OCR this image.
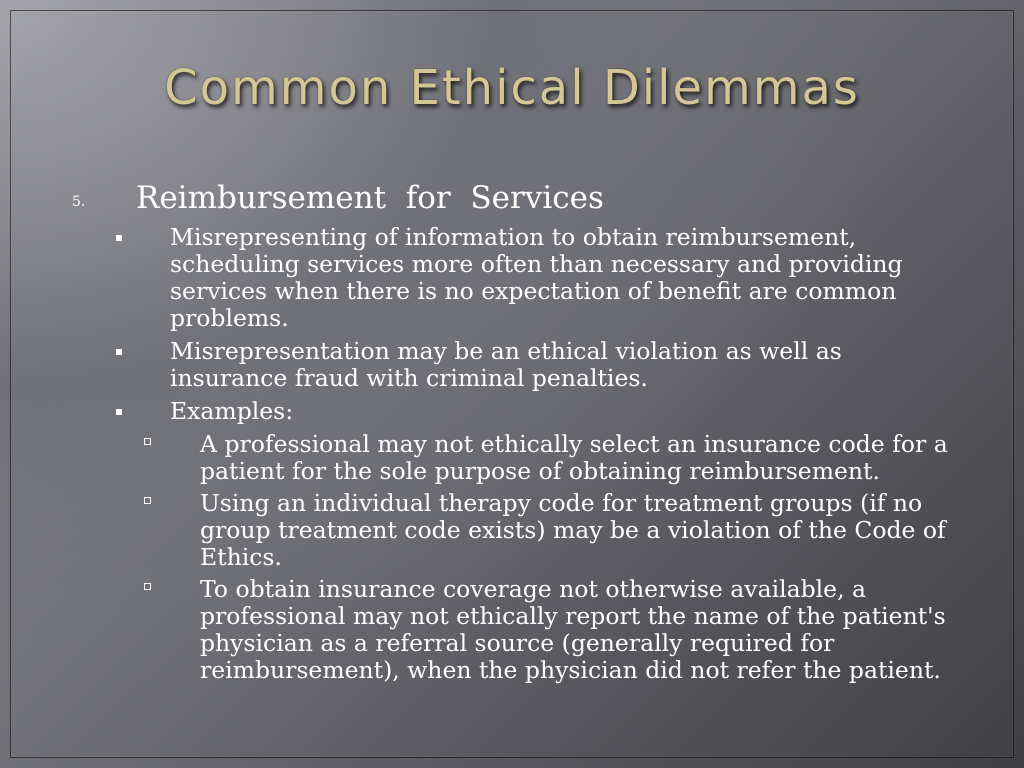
Common Ethical Dilemmas
5. Reimbursement  for  Services
Misrepresenting of information to obtain reimbursement, scheduling services more often than necessary and providing services when there is no expectation of benefit are common problems.
Misrepresentation may be an ethical violation as well as insurance fraud with criminal penalties.
Examples:
A professional may not ethically select an insurance code for a patient for the sole purpose of obtaining reimbursement.
Using an individual therapy code for treatment groups (if no group treatment code exists) may be a violation of the Code of Ethics.
To obtain insurance coverage not otherwise available, a professional may not ethically report the name of the patient's physician as a referral source (generally required for reimbursement), when the physician did not refer the patient.
